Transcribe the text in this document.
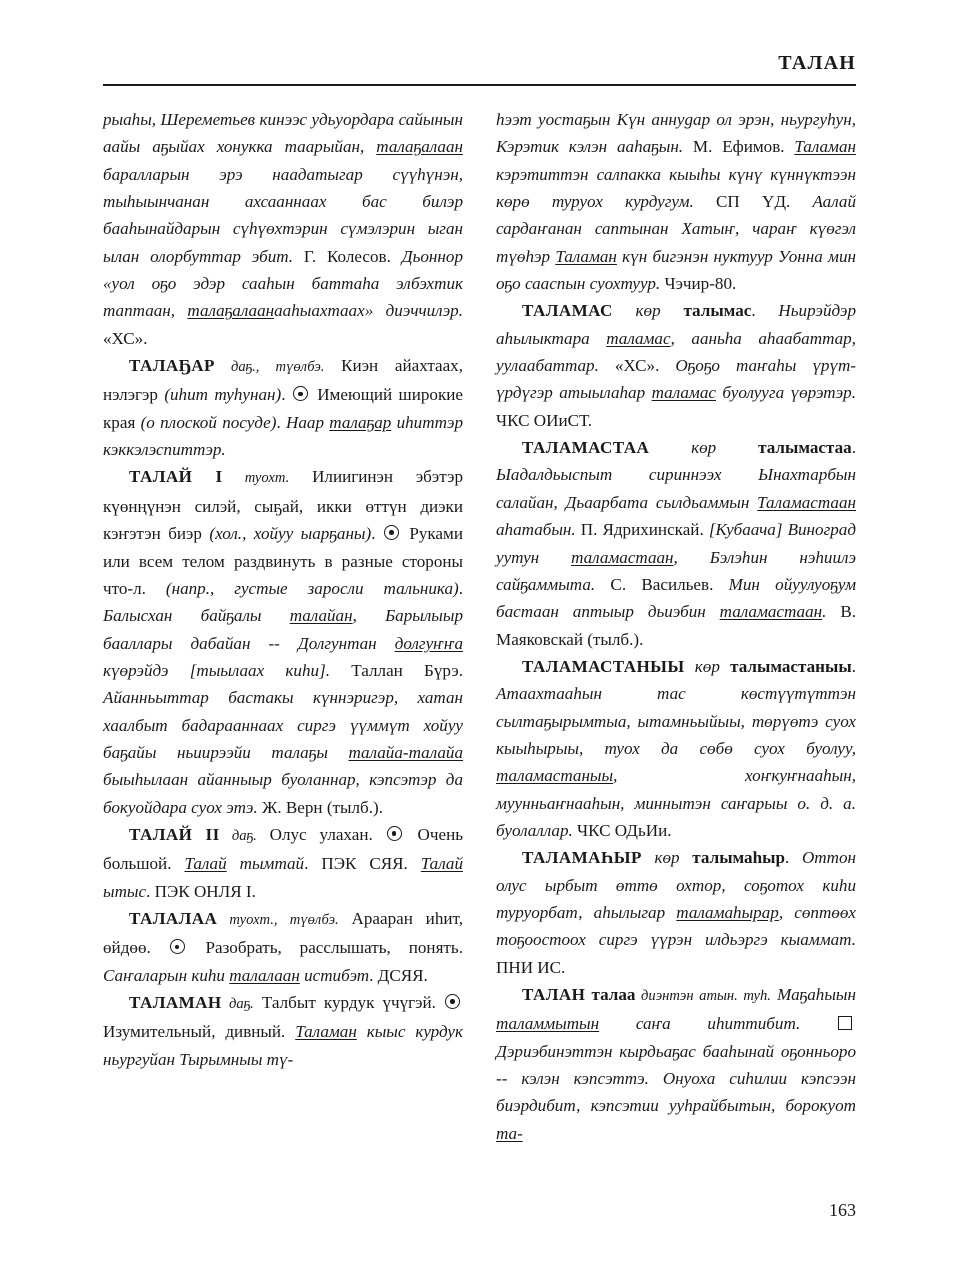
ТАЛАН

рыаһы, Шереметьев кинээс удьуордара сайынын аайы аҕыйах хонукка таарыйан, талаҕалаан баралларын эрэ наадатыгар сүүһүнэн, тыһыынчанан ахсааннаах бас билэр бааһынайдарын сүһүөхтэрин сүмэлэрин ыган ылан олорбуттар эбит. Г. Колесов. Дьоннор «уол оҕо эдэр сааһын баттаһа элбэхтик таптаан, талаҕалаанааһыахтаах» диэччилэр. «ХС».

ТАЛАҔАР даҕ., түөлбэ. Киэн айахтаах, нэлэгэр (иһит туһунан).  Имеющий широкие края (о плоской посуде). Наар талаҕар иһиттэр кэккэлэспиттэр.

ТАЛАЙ I туохт. Илиигинэн эбэтэр күөнңүнэн силэй, сыҕай, икки өттүн диэки кэҥэтэн биэр (хол., хойуу ыарҕаны).  Руками или всем телом раздвинуть в разные стороны что-л. (напр., густые заросли тальника). Балысхан байҕалы талайан, Барылыыр бааллары дабайан -- Долгунтан долгуҥҥа күөрэйдэ [тыылаах киһи]. Таллан Бүрэ. Айанньыттар бастакы күннэригэр, хатан хаалбыт бадарааннаах сиргэ үүммүт хойуу баҕайы ньиирээйи талаҕы талайа-талайа быыһылаан айанныыр буоланнар, кэпсэтэр да бокуойдара суох этэ. Ж. Верн (тылб.).

ТАЛАЙ II даҕ. Олус улахан.  Очень большой. Талай тымтай. ПЭК СЯЯ. Талай ытыс. ПЭК ОНЛЯ I.

ТАЛАЛАА туохт., түөлбэ. Арааран иһит, өйдөө.  Разобрать, расслышать, понять. Саҥаларын киһи талалаан истибэт. ДСЯЯ.

ТАЛАМАН даҕ. Талбыт курдук үчүгэй.  Изумительный, дивный. Таламан кыыс курдук ньургуйан Тырымныы тү-

һээт уостаҕын Күн аннygар ол эрэн, ньургуһун, Кэрэтик кэлэн ааһаҕын. М. Ефимов. Таламан кэрэтиттэн салпакка кыыһы күнү күннүктээн көрө туруох курдугум. СП ҮД. Аалай сардаҥанан саптынан Хатыҥ, чараҥ күөгэл түөһэр Таламан күн бигэнэн нуктуур Уонна мин оҕо сааспын суохтуур. Чэчир-80.

ТАЛАМАС көр талымас. Ньирэйдэр аһылыктара таламас, ааньha аһаабаттар, уулаабаттар. «ХС». Оҕоҕо таҥаһы үрүт-үрдүгэр атыылаһар таламас буолууга үөрэтэр. ЧКС ОИиСТ.

ТАЛАМАСТАА көр талымастаа. Ыадалдьыспыт сириннээх Ынахтарбын салайан, Дьаарбата сылдьаммын Таламастаан аһатабын. П. Ядрихинскай. [Кубаача] Виноград уутун таламастаан, Бэлэһин нэһиилэ сайҕаммыта. С. Васильев. Мин ойуулуоҕум бастаан аптыыр дьиэбин таламастаан. В. Маяковскай (тылб.).

ТАЛАМАСТАНЫЫ көр талымастаныы. Атаахтааһын тас көстүүтүттэн сылтаҕырымтыа, ытамньыйыы, төрүөтэ суох кыыһырыы, туох да сөбө суох буолуу, таламастаныы, хоҥкуҥнааһын, муунньаҥнааһын, миннытэн саҥарыы о. д. а. буолаллар. ЧКС ОДьИи.

ТАЛАМАҺЫР көр талымаһыр. Оттон олус ырбыт өттө охтор, соҕотох киһи туруорбат, аһылыгар таламаһырар, сөптөөх тоҕоостоох сиргэ үүрэн илдьэргэ кыаммат. ПНИ ИС.

ТАЛАН талаа диэнтэн атын. туһ. Маҕаһыын таламмытын саҥа иһиттибит.  Дэриэбинэттэн кырдьаҕас бааһынай оҕонньоро -- кэлэн кэпсэттэ. Онуоха сиһилии кэпсээн биэрдибит, кэпсэтии ууһрайбытын, борокуот та-

163
